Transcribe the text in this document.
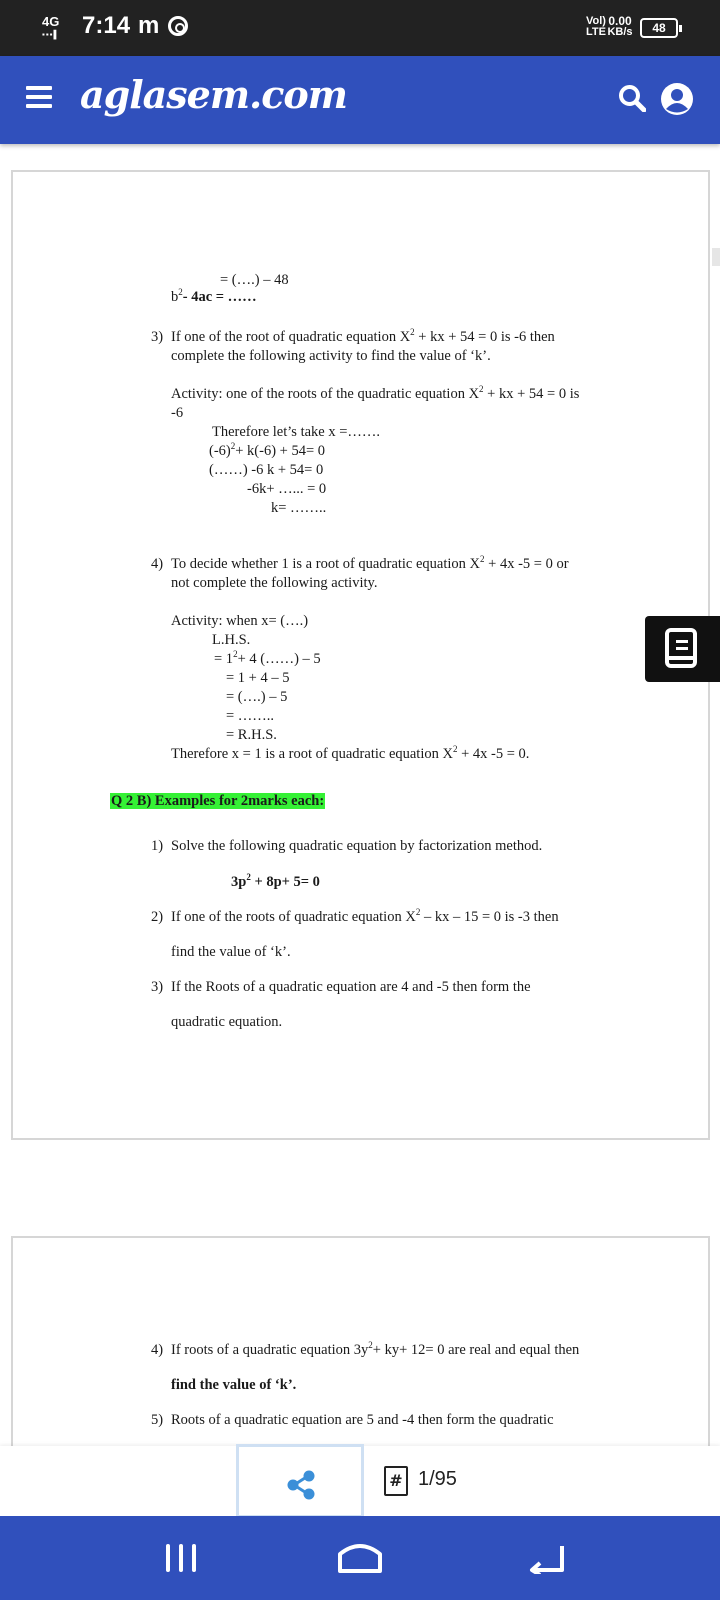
4G
▪▪▪▌ 7:14 m	Vol)
LTE
0.00
KB/s	48
aglasem.com
= (….) – 48
$b^2-$ 4ac = ……
3) If one of the root of quadratic equation $X^2$ + kx + 54 = 0 is -6 then
complete the following activity to find the value of ‘k’.
Activity: one of the roots of the quadratic equation $X^2$ + kx + 54 = 0 is
-6
Therefore let’s take x =…….
$(-6)^2+ k(-6) + 54= 0$
(……) -6 k + 54= 0
-6k+ …... = 0
k= ……..
4) To decide whether 1 is a root of quadratic equation $X^2 + 4x$ -5 = 0 or
not complete the following activity.
Activity: when x= (….)
L.H.S.
= $1^2+ 4$ (……) – 5
= 1 + 4 – 5
= (….) – 5
= ……..
= R.H.S.
Therefore x = 1 is a root of quadratic equation $X^2 + 4x$ -5 = 0.
Q 2 B) Examples for 2marks each:
1) Solve the following quadratic equation by factorization method.
$3p^2 + 8p+ 5= 0$
2) If one of the roots of quadratic equation $X^2$ – kx – 15 = 0 is -3 then
find the value of ‘k’.
3) If the Roots of a quadratic equation are 4 and -5 then form the
quadratic equation.
4) If roots of a quadratic equation $3y^2+ ky+ 12= 0$ are real and equal then
find the value of ‘k’.
5) Roots of a quadratic equation are 5 and -4 then form the quadratic
# 1/95
